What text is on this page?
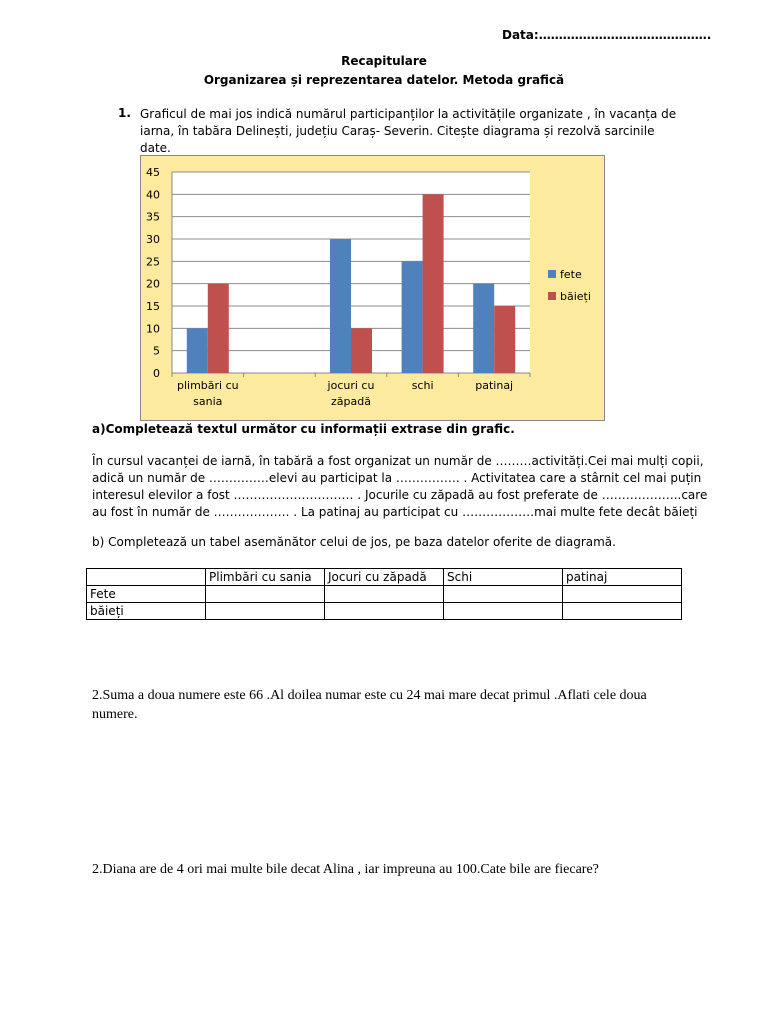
Data:…………………………………….
Recapitulare
Organizarea și reprezentarea datelor. Metoda grafică
1. Graficul de mai jos indică numărul participanților la activitățile organizate , în vacanța de iarna, în tabăra Delinești, județiu Caraș- Severin. Citește diagrama și rezolvă sarcinile date.
0
5
10
15
20
25
30
35
40
45
plimbări cu
sania
jocuri cu
zăpadă
schi	patinaj
fete
băieți
a)Completează textul următor cu informații extrase din grafic.
În cursul vacanței de iarnă, în tabără a fost organizat un număr de ………activități.Cei mai mulți copii,
adică un număr de ……………elevi au participat la ……………. . Activitatea care a stârnit cel mai puțin
interesul elevilor a fost ………………………… . Jocurile cu zăpadă au fost preferate de ………………..care
au fost în număr de ………………. . La patinaj au participat cu ………………mai multe fete decât băieți
b) Completează un tabel asemănător celui de jos, pe baza datelor oferite de diagramă.
	Plimbări cu sania	Jocuri cu zăpadă	Schi	patinaj
Fete				
băieți				
2.Suma a doua numere este 66 .Al doilea numar este cu 24 mai mare decat primul .Aflati cele doua numere.
2.Diana are de 4 ori mai multe bile decat Alina , iar impreuna au 100.Cate bile are fiecare?
